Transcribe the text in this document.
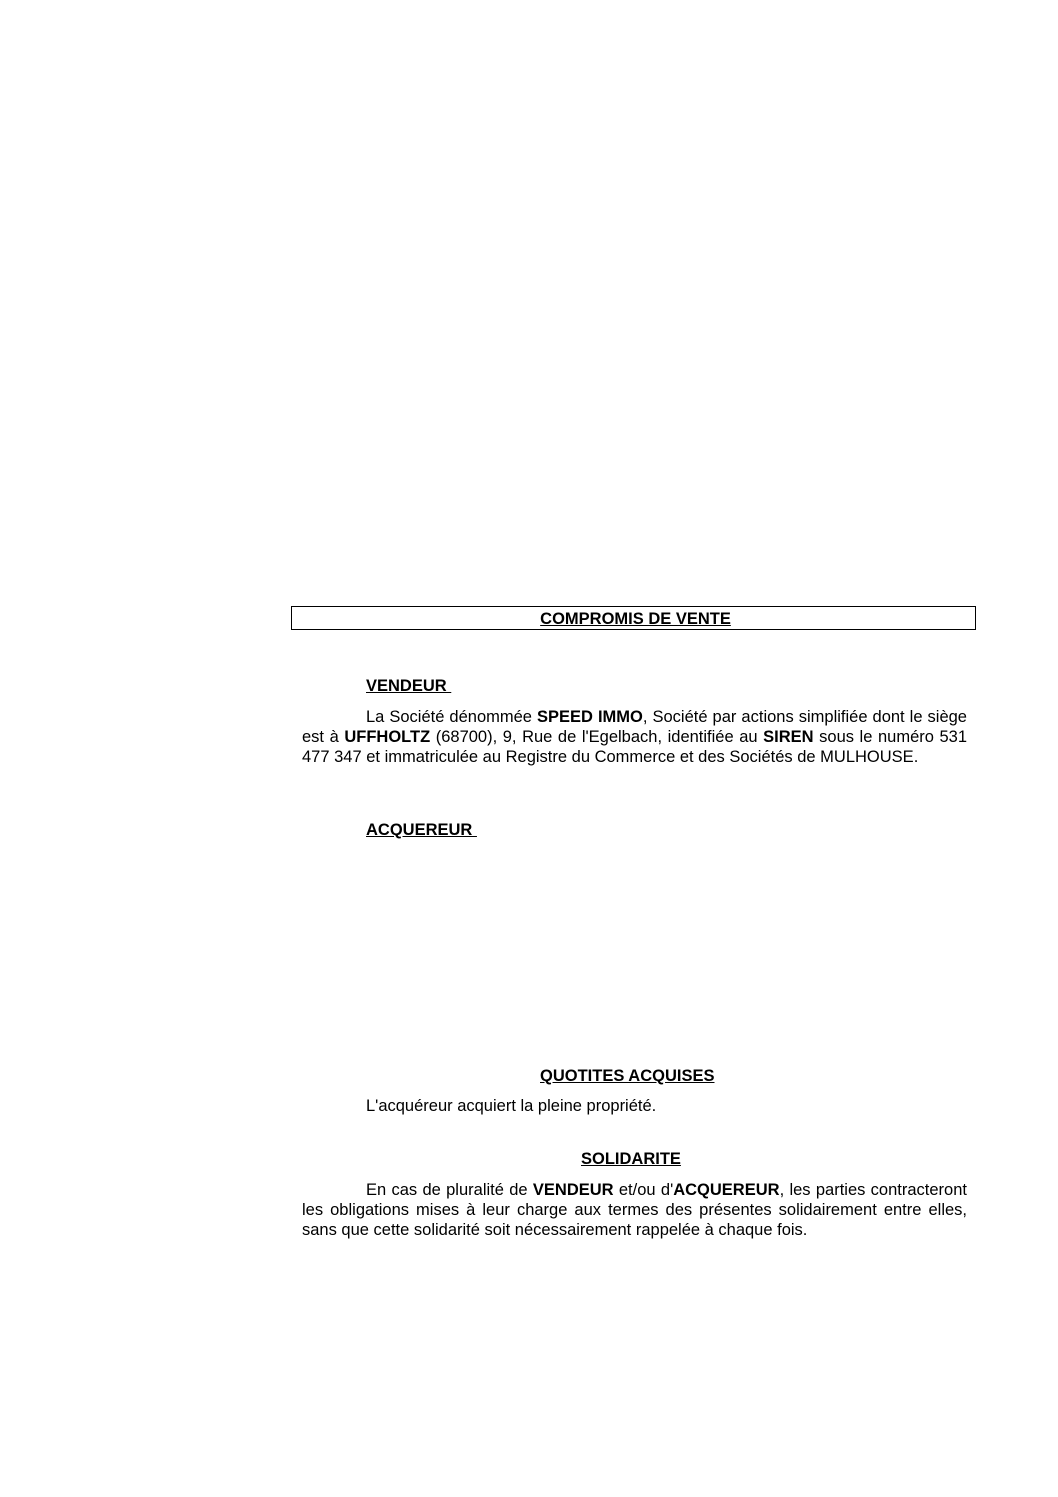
COMPROMIS DE VENTE
VENDEUR
La Société dénommée SPEED IMMO, Société par actions simplifiée dont le siège est à UFFHOLTZ (68700), 9, Rue de l'Egelbach, identifiée au SIREN sous le numéro 531 477 347 et immatriculée au Registre du Commerce et des Sociétés de MULHOUSE.
ACQUEREUR
QUOTITES ACQUISES
L'acquéreur acquiert la pleine propriété.
SOLIDARITE
En cas de pluralité de VENDEUR et/ou d'ACQUEREUR, les parties contracteront les obligations mises à leur charge aux termes des présentes solidairement entre elles, sans que cette solidarité soit nécessairement rappelée à chaque fois.
